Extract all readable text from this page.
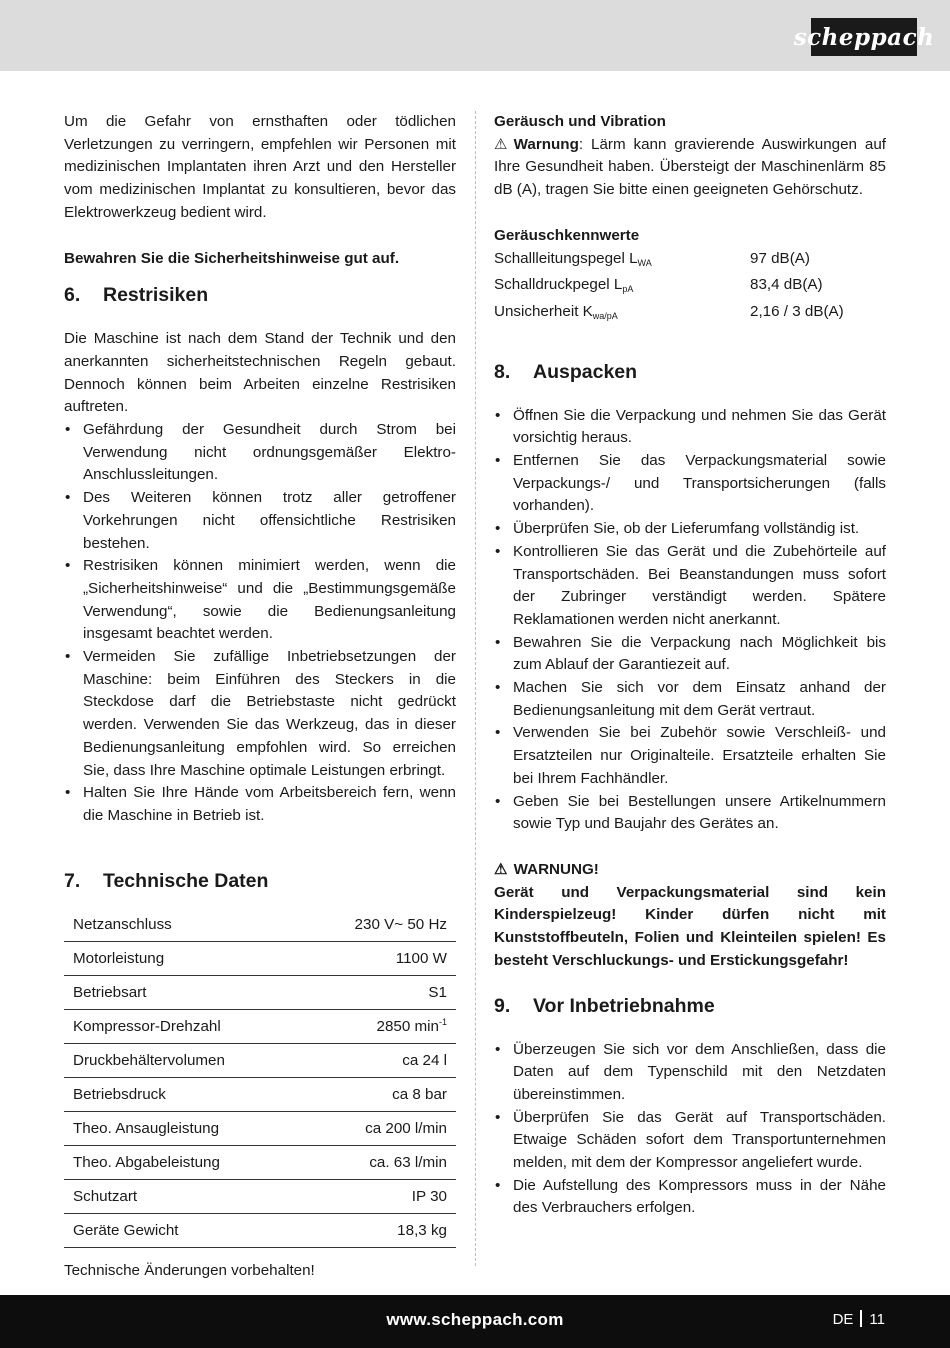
scheppach

Um die Gefahr von ernsthaften oder tödlichen Verletzungen zu verringern, empfehlen wir Personen mit medizinischen Implantaten ihren Arzt und den Hersteller vom medizinischen Implantat zu konsultieren, bevor das Elektrowerkzeug bedient wird.

Bewahren Sie die Sicherheitshinweise gut auf.

6.	Restrisiken

Die Maschine ist nach dem Stand der Technik und den anerkannten sicherheitstechnischen Regeln gebaut. Dennoch können beim Arbeiten einzelne Restrisiken auftreten.

• Gefährdung der Gesundheit durch Strom bei Verwendung nicht ordnungsgemäßer Elektro-Anschlussleitungen.
• Des Weiteren können trotz aller getroffener Vorkehrungen nicht offensichtliche Restrisiken bestehen.
• Restrisiken können minimiert werden, wenn die „Sicherheitshinweise“ und die „Bestimmungsgemäße Verwendung“, sowie die Bedienungsanleitung insgesamt beachtet werden.
• Vermeiden Sie zufällige Inbetriebsetzungen der Maschine: beim Einführen des Steckers in die Steckdose darf die Betriebstaste nicht gedrückt werden. Verwenden Sie das Werkzeug, das in dieser Bedienungsanleitung empfohlen wird. So erreichen Sie, dass Ihre Maschine optimale Leistungen erbringt.
• Halten Sie Ihre Hände vom Arbeitsbereich fern, wenn die Maschine in Betrieb ist.
7.	Technische Daten
Netzanschluss	230 V~ 50 Hz
Motorleistung	1100 W
Betriebsart	S1
Kompressor-Drehzahl	2850 $\min^{-1}$
Druckbehältervolumen	ca 24 l
Betriebsdruck	ca 8 bar
Theo. Ansaugleistung	ca 200 l/min
Theo. Abgabeleistung	ca. 63 l/min
Schutzart	IP 30
Geräte Gewicht	18,3 kg

Technische Änderungen vorbehalten!

Geräusch und Vibration

⚠ Warnung: Lärm kann gravierende Auswirkungen auf Ihre Gesundheit haben. Übersteigt der Maschinenlärm 85 dB (A), tragen Sie bitte einen geeigneten Gehörschutz.

Geräuschkennwerte

Schallleitungspegel $L_{WA}$	97 dB(A)
Schalldruckpegel $L_{pA}$	83,4 dB(A)
Unsicherheit $K_{wa/pA}$	2,16 / 3 dB(A)
8.	Auspacken
• Öffnen Sie die Verpackung und nehmen Sie das Gerät vorsichtig heraus.
• Entfernen Sie das Verpackungsmaterial sowie Verpackungs-/ und Transportsicherungen (falls vorhanden).
• Überprüfen Sie, ob der Lieferumfang vollständig ist.
• Kontrollieren Sie das Gerät und die Zubehörteile auf Transportschäden. Bei Beanstandungen muss sofort der Zubringer verständigt werden. Spätere Reklamationen werden nicht anerkannt.
• Bewahren Sie die Verpackung nach Möglichkeit bis zum Ablauf der Garantiezeit auf.
• Machen Sie sich vor dem Einsatz anhand der Bedienungsanleitung mit dem Gerät vertraut.
• Verwenden Sie bei Zubehör sowie Verschleiß- und Ersatzteilen nur Originalteile. Ersatzteile erhalten Sie bei Ihrem Fachhändler.
• Geben Sie bei Bestellungen unsere Artikelnummern sowie Typ und Baujahr des Gerätes an.

⚠ WARNUNG!

Gerät und Verpackungsmaterial sind kein Kinderspielzeug! Kinder dürfen nicht mit Kunststoffbeuteln, Folien und Kleinteilen spielen! Es besteht Verschluckungs- und Erstickungsgefahr!

9.	Vor Inbetriebnahme
• Überzeugen Sie sich vor dem Anschließen, dass die Daten auf dem Typenschild mit den Netzdaten übereinstimmen.
• Überprüfen Sie das Gerät auf Transportschäden. Etwaige Schäden sofort dem Transportunternehmen melden, mit dem der Kompressor angeliefert wurde.
• Die Aufstellung des Kompressors muss in der Nähe des Verbrauchers erfolgen.
www.scheppach.com	DE 11
